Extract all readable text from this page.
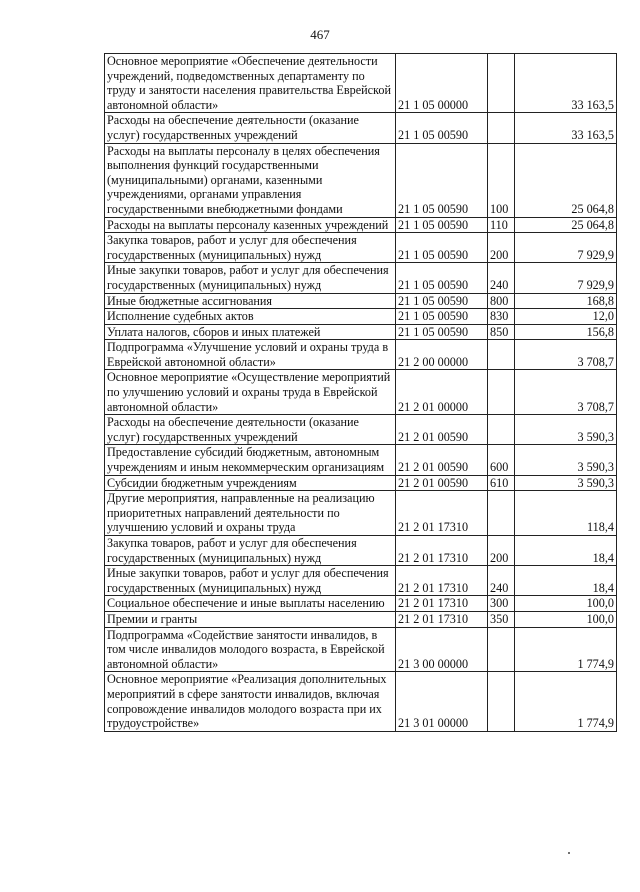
467
Основное мероприятие «Обеспечение деятельности учреждений, подведомственных департаменту по труду и занятости населения правительства Еврейской автономной области»	21 1 05 00000		33 163,5
Расходы на обеспечение деятельности (оказание услуг) государственных учреждений	21 1 05 00590		33 163,5
Расходы на выплаты персоналу в целях обеспечения выполнения функций государственными (муниципальными) органами, казенными учреждениями, органами управления государственными внебюджетными фондами	21 1 05 00590	100	25 064,8
Расходы на выплаты персоналу казенных учреждений	21 1 05 00590	110	25 064,8
Закупка товаров, работ и услуг для обеспечения государственных (муниципальных) нужд	21 1 05 00590	200	7 929,9
Иные закупки товаров, работ и услуг для обеспечения государственных (муниципальных) нужд	21 1 05 00590	240	7 929,9
Иные бюджетные ассигнования	21 1 05 00590	800	168,8
Исполнение судебных актов	21 1 05 00590	830	12,0
Уплата налогов, сборов и иных платежей	21 1 05 00590	850	156,8
Подпрограмма «Улучшение условий и охраны труда в Еврейской автономной области»	21 2 00 00000		3 708,7
Основное мероприятие «Осуществление мероприятий по улучшению условий и охраны труда в Еврейской автономной области»	21 2 01 00000		3 708,7
Расходы на обеспечение деятельности (оказание услуг) государственных учреждений	21 2 01 00590		3 590,3
Предоставление субсидий бюджетным, автономным учреждениям и иным некоммерческим организациям	21 2 01 00590	600	3 590,3
Субсидии бюджетным учреждениям	21 2 01 00590	610	3 590,3
Другие мероприятия, направленные на реализацию приоритетных направлений деятельности по улучшению условий и охраны труда	21 2 01 17310		118,4
Закупка товаров, работ и услуг для обеспечения государственных (муниципальных) нужд	21 2 01 17310	200	18,4
Иные закупки товаров, работ и услуг для обеспечения государственных (муниципальных) нужд	21 2 01 17310	240	18,4
Социальное обеспечение и иные выплаты населению	21 2 01 17310	300	100,0
Премии и гранты	21 2 01 17310	350	100,0
Подпрограмма «Содействие занятости инвалидов, в том числе инвалидов молодого возраста, в Еврейской автономной области»	21 3 00 00000		1 774,9
Основное мероприятие «Реализация дополнительных мероприятий в сфере занятости инвалидов, включая сопровождение инвалидов молодого возраста при их трудоустройстве»	21 3 01 00000		1 774,9
